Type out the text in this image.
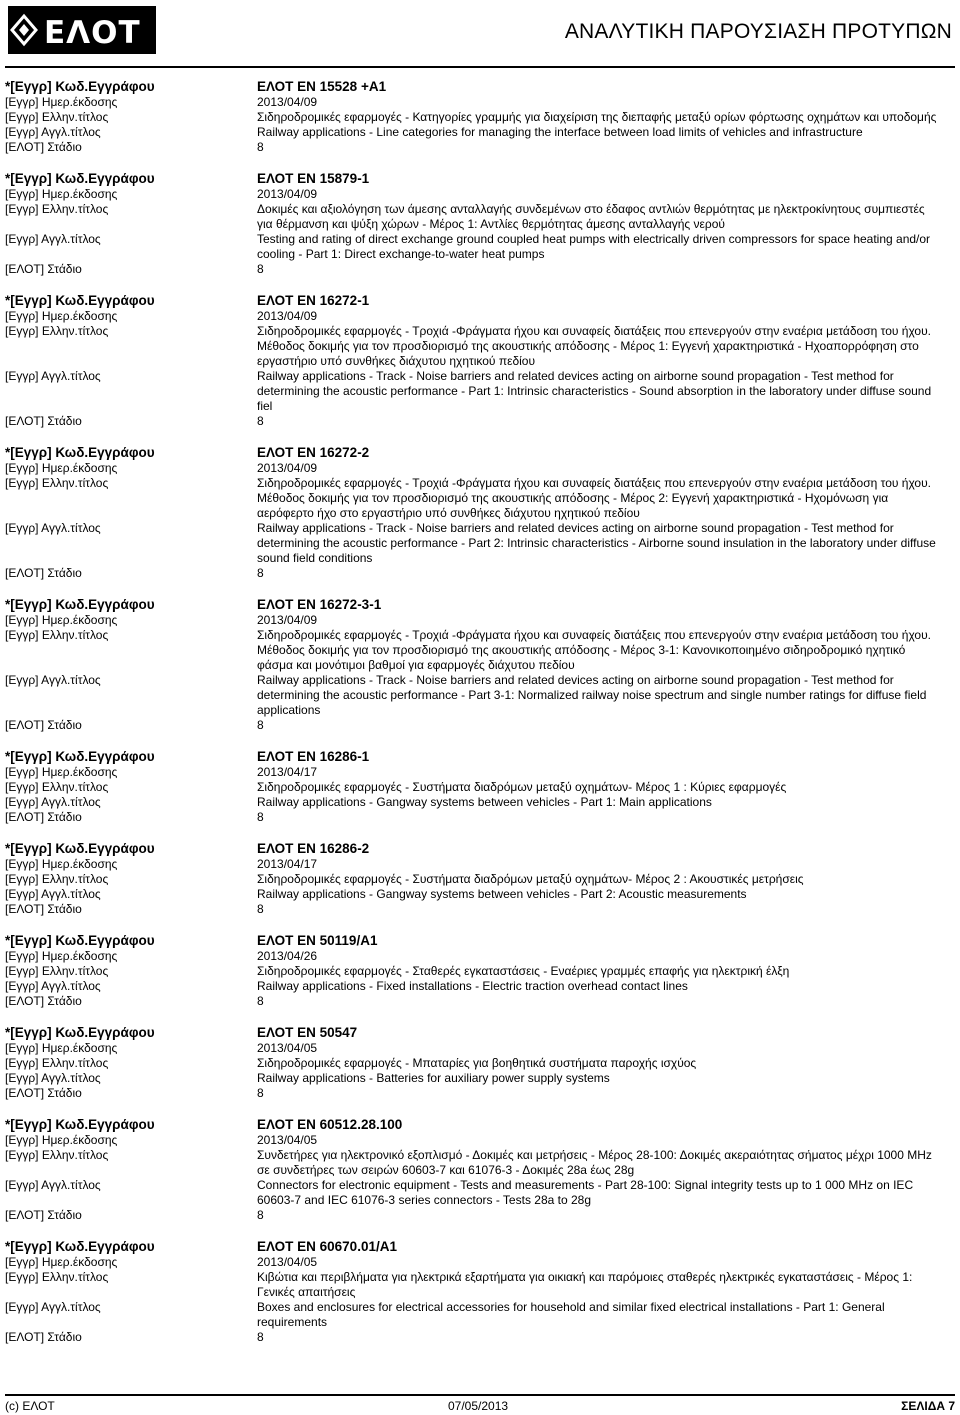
ΕΛΟΤ	ΑΝΑΛΥΤΙΚΗ ΠΑΡΟΥΣΙΑΣΗ ΠΡΟΤΥΠΩΝ
*[Εγγρ] Κωδ.Εγγράφου	ΕΛΟΤ EN 15528 +A1
[Εγγρ] Ημερ.έκδοσης	2013/04/09
[Εγγρ] Ελλην.τίτλος	Σιδηροδρομικές εφαρμογές - Κατηγορίες γραμμής για διαχείριση της διεπαφής μεταξύ ορίων φόρτωσης οχημάτων και υποδομής
[Εγγρ] Αγγλ.τίτλος	Railway applications - Line categories for managing the interface between load limits of vehicles and infrastructure
[ΕΛΟΤ] Στάδιο	8
*[Εγγρ] Κωδ.Εγγράφου	ΕΛΟΤ EN 15879-1
[Εγγρ] Ημερ.έκδοσης	2013/04/09
[Εγγρ] Ελλην.τίτλος	Δοκιμές και αξιολόγηση των άμεσης ανταλλαγής συνδεμένων στο έδαφος αντλιών θερμότητας με ηλεκτροκίνητους συμπιεστές για θέρμανση και ψύξη χώρων - Μέρος 1: Αντλίες θερμότητας άμεσης ανταλλαγής νερού
[Εγγρ] Αγγλ.τίτλος	Testing and rating of direct exchange ground coupled heat pumps with electrically driven compressors for space heating and/or cooling - Part 1: Direct exchange-to-water heat pumps
[ΕΛΟΤ] Στάδιο	8
*[Εγγρ] Κωδ.Εγγράφου	ΕΛΟΤ EN 16272-1
[Εγγρ] Ημερ.έκδοσης	2013/04/09
[Εγγρ] Ελλην.τίτλος	Σιδηροδρομικές εφαρμογές - Τροχιά -Φράγματα ήχου και συναφείς διατάξεις που επενεργούν στην εναέρια μετάδοση του ήχου. Μέθοδος δοκιμής για τον προσδιορισμό της ακουστικής απόδοσης - Μέρος 1: Εγγενή χαρακτηριστικά - Ηχοαπορρόφηση στο εργαστήριο υπό συνθήκες διάχυτου ηχητικού πεδίου
[Εγγρ] Αγγλ.τίτλος	Railway applications - Track - Noise barriers and related devices acting on airborne sound propagation - Test method for determining the acoustic performance - Part 1: Intrinsic characteristics - Sound absorption in the laboratory under diffuse sound fiel
[ΕΛΟΤ] Στάδιο	8
*[Εγγρ] Κωδ.Εγγράφου	ΕΛΟΤ EN 16272-2
[Εγγρ] Ημερ.έκδοσης	2013/04/09
[Εγγρ] Ελλην.τίτλος	Σιδηροδρομικές εφαρμογές - Τροχιά -Φράγματα ήχου και συναφείς διατάξεις που επενεργούν στην εναέρια μετάδοση του ήχου. Μέθοδος δοκιμής για τον προσδιορισμό της ακουστικής απόδοσης - Μέρος 2: Εγγενή χαρακτηριστικά - Ηχομόνωση για αερόφερτο ήχο στο εργαστήριο υπό συνθήκες διάχυτου ηχητικού πεδίου
[Εγγρ] Αγγλ.τίτλος	Railway applications - Track - Noise barriers and related devices acting on airborne sound propagation - Test method for determining the acoustic performance - Part 2: Intrinsic characteristics - Airborne sound insulation in the laboratory under diffuse sound field conditions
[ΕΛΟΤ] Στάδιο	8
*[Εγγρ] Κωδ.Εγγράφου	ΕΛΟΤ EN 16272-3-1
[Εγγρ] Ημερ.έκδοσης	2013/04/09
[Εγγρ] Ελλην.τίτλος	Σιδηροδρομικές εφαρμογές - Τροχιά -Φράγματα ήχου και συναφείς διατάξεις που επενεργούν στην εναέρια μετάδοση του ήχου. Μέθοδος δοκιμής για τον προσδιορισμό της ακουστικής απόδοσης - Μέρος 3-1: Κανονικοποιημένο σιδηροδρομικό ηχητικό φάσμα και μονότιμοι βαθμοί για εφαρμογές διάχυτου πεδίου
[Εγγρ] Αγγλ.τίτλος	Railway applications - Track - Noise barriers and related devices acting on airborne sound propagation - Test method for determining the acoustic performance - Part 3-1: Normalized railway noise spectrum and single number ratings for diffuse field applications
[ΕΛΟΤ] Στάδιο	8
*[Εγγρ] Κωδ.Εγγράφου	ΕΛΟΤ EN 16286-1
[Εγγρ] Ημερ.έκδοσης	2013/04/17
[Εγγρ] Ελλην.τίτλος	Σιδηροδρομικές εφαρμογές - Συστήματα διαδρόμων μεταξύ οχημάτων- Μέρος 1 : Κύριες εφαρμογές
[Εγγρ] Αγγλ.τίτλος	Railway applications - Gangway systems between vehicles - Part 1: Main applications
[ΕΛΟΤ] Στάδιο	8
*[Εγγρ] Κωδ.Εγγράφου	ΕΛΟΤ EN 16286-2
[Εγγρ] Ημερ.έκδοσης	2013/04/17
[Εγγρ] Ελλην.τίτλος	Σιδηροδρομικές εφαρμογές - Συστήματα διαδρόμων μεταξύ οχημάτων- Μέρος 2 : Ακουστικές μετρήσεις
[Εγγρ] Αγγλ.τίτλος	Railway applications - Gangway systems between vehicles - Part 2: Acoustic measurements
[ΕΛΟΤ] Στάδιο	8
*[Εγγρ] Κωδ.Εγγράφου	ΕΛΟΤ EN 50119/A1
[Εγγρ] Ημερ.έκδοσης	2013/04/26
[Εγγρ] Ελλην.τίτλος	Σιδηροδρομικές εφαρμογές - Σταθερές εγκαταστάσεις - Εναέριες γραμμές επαφής για ηλεκτρική έλξη
[Εγγρ] Αγγλ.τίτλος	Railway applications - Fixed installations - Electric traction overhead contact lines
[ΕΛΟΤ] Στάδιο	8
*[Εγγρ] Κωδ.Εγγράφου	ΕΛΟΤ EN 50547
[Εγγρ] Ημερ.έκδοσης	2013/04/05
[Εγγρ] Ελλην.τίτλος	Σιδηροδρομικές εφαρμογές - Μπαταρίες για βοηθητικά συστήματα παροχής ισχύος
[Εγγρ] Αγγλ.τίτλος	Railway applications - Batteries for auxiliary power supply systems
[ΕΛΟΤ] Στάδιο	8
*[Εγγρ] Κωδ.Εγγράφου	ΕΛΟΤ EN 60512.28.100
[Εγγρ] Ημερ.έκδοσης	2013/04/05
[Εγγρ] Ελλην.τίτλος	Συνδετήρες για ηλεκτρονικό εξοπλισμό - Δοκιμές και μετρήσεις - Μέρος 28-100: Δοκιμές ακεραιότητας σήματος μέχρι 1000 MHz σε συνδετήρες των σειρών 60603-7 και 61076-3 - Δοκιμές 28a έως 28g
[Εγγρ] Αγγλ.τίτλος	Connectors for electronic equipment - Tests and measurements - Part 28-100: Signal integrity tests up to 1 000 MHz on IEC 60603-7 and IEC 61076-3 series connectors - Tests 28a to 28g
[ΕΛΟΤ] Στάδιο	8
*[Εγγρ] Κωδ.Εγγράφου	ΕΛΟΤ EN 60670.01/A1
[Εγγρ] Ημερ.έκδοσης	2013/04/05
[Εγγρ] Ελλην.τίτλος	Κιβώτια και περιβλήματα για ηλεκτρικά εξαρτήματα για οικιακή και παρόμοιες σταθερές ηλεκτρικές εγκαταστάσεις - Μέρος 1: Γενικές απαιτήσεις
[Εγγρ] Αγγλ.τίτλος	Boxes and enclosures for electrical accessories for household and similar fixed electrical installations - Part 1: General requirements
[ΕΛΟΤ] Στάδιο	8
(c) ΕΛΟΤ	07/05/2013	ΣΕΛΙΔΑ 7
